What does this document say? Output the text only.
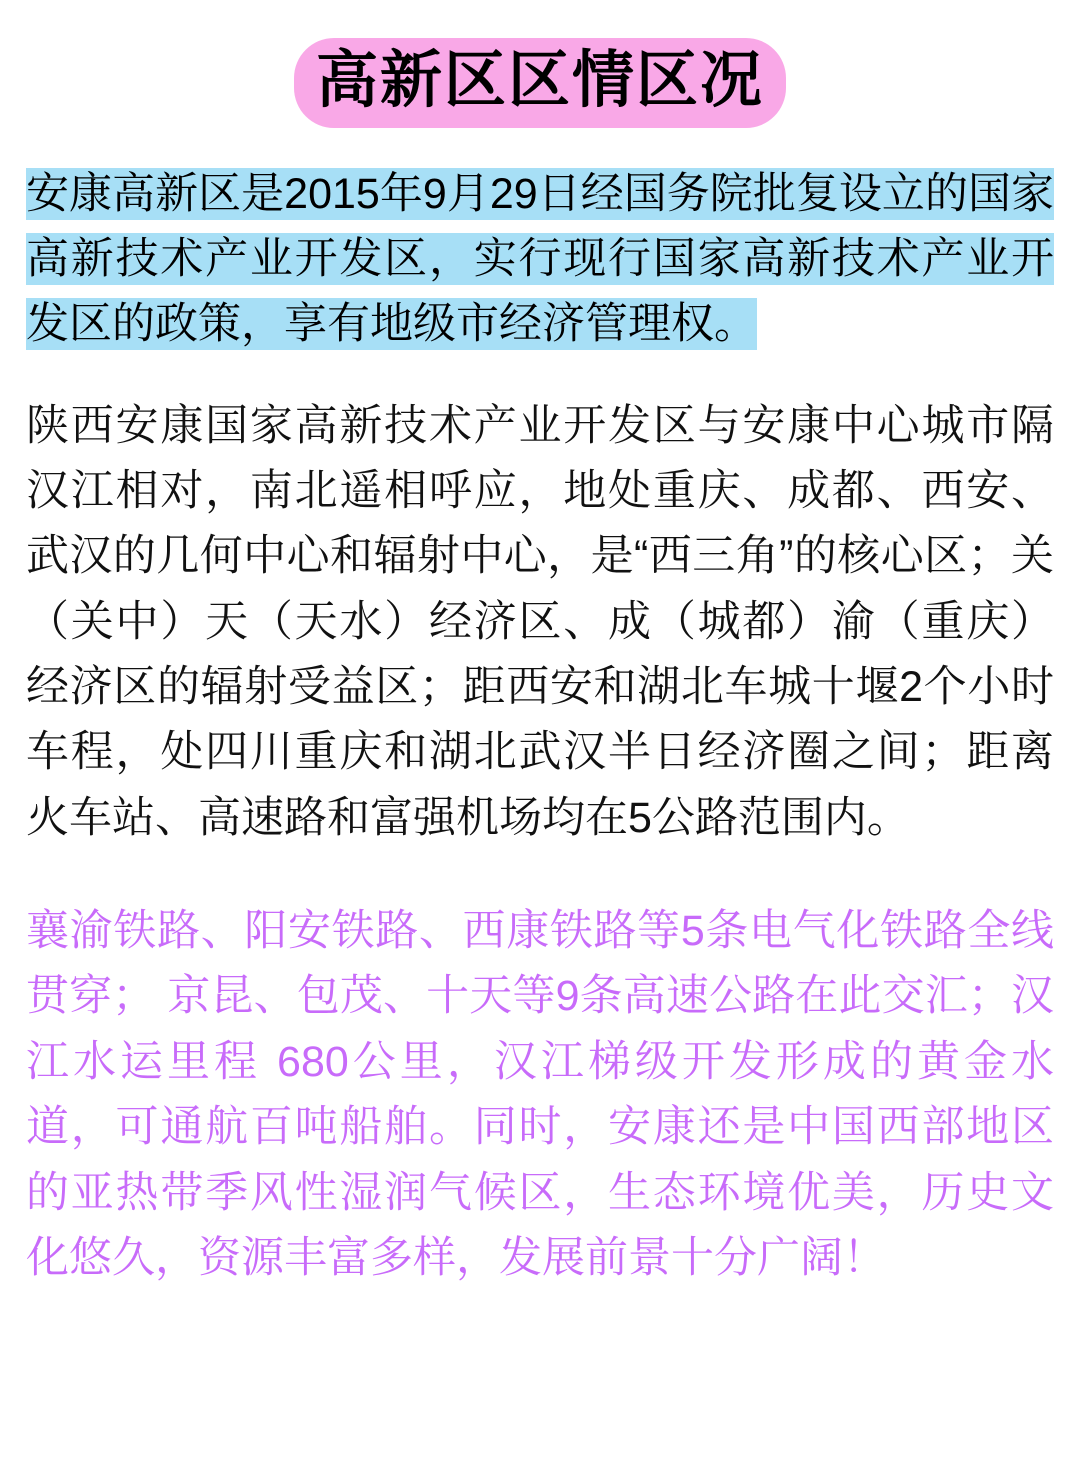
高新区区情区况

安康高新区是2015年9月29日经国务院批复设立的国家高新技术产业开发区，实行现行国家高新技术产业开发区的政策，享有地级市经济管理权。

陕西安康国家高新技术产业开发区与安康中心城市隔汉江相对，南北遥相呼应，地处重庆、成都、西安、武汉的几何中心和辐射中心，是“西三角”的核心区；关（关中）天（天水）经济区、成（城都）渝（重庆）经济区的辐射受益区；距西安和湖北车城十堰2个小时车程，处四川重庆和湖北武汉半日经济圈之间；距离火车站、高速路和富强机场均在5公路范围内。

襄渝铁路、阳安铁路、西康铁路等5条电气化铁路全线贯穿； 京昆、包茂、十天等9条高速公路在此交汇；汉江水运里程 680公里，汉江梯级开发形成的黄金水道，可通航百吨船舶。同时，安康还是中国西部地区的亚热带季风性湿润气候区，生态环境优美，历史文化悠久，资源丰富多样，发展前景十分广阔！
